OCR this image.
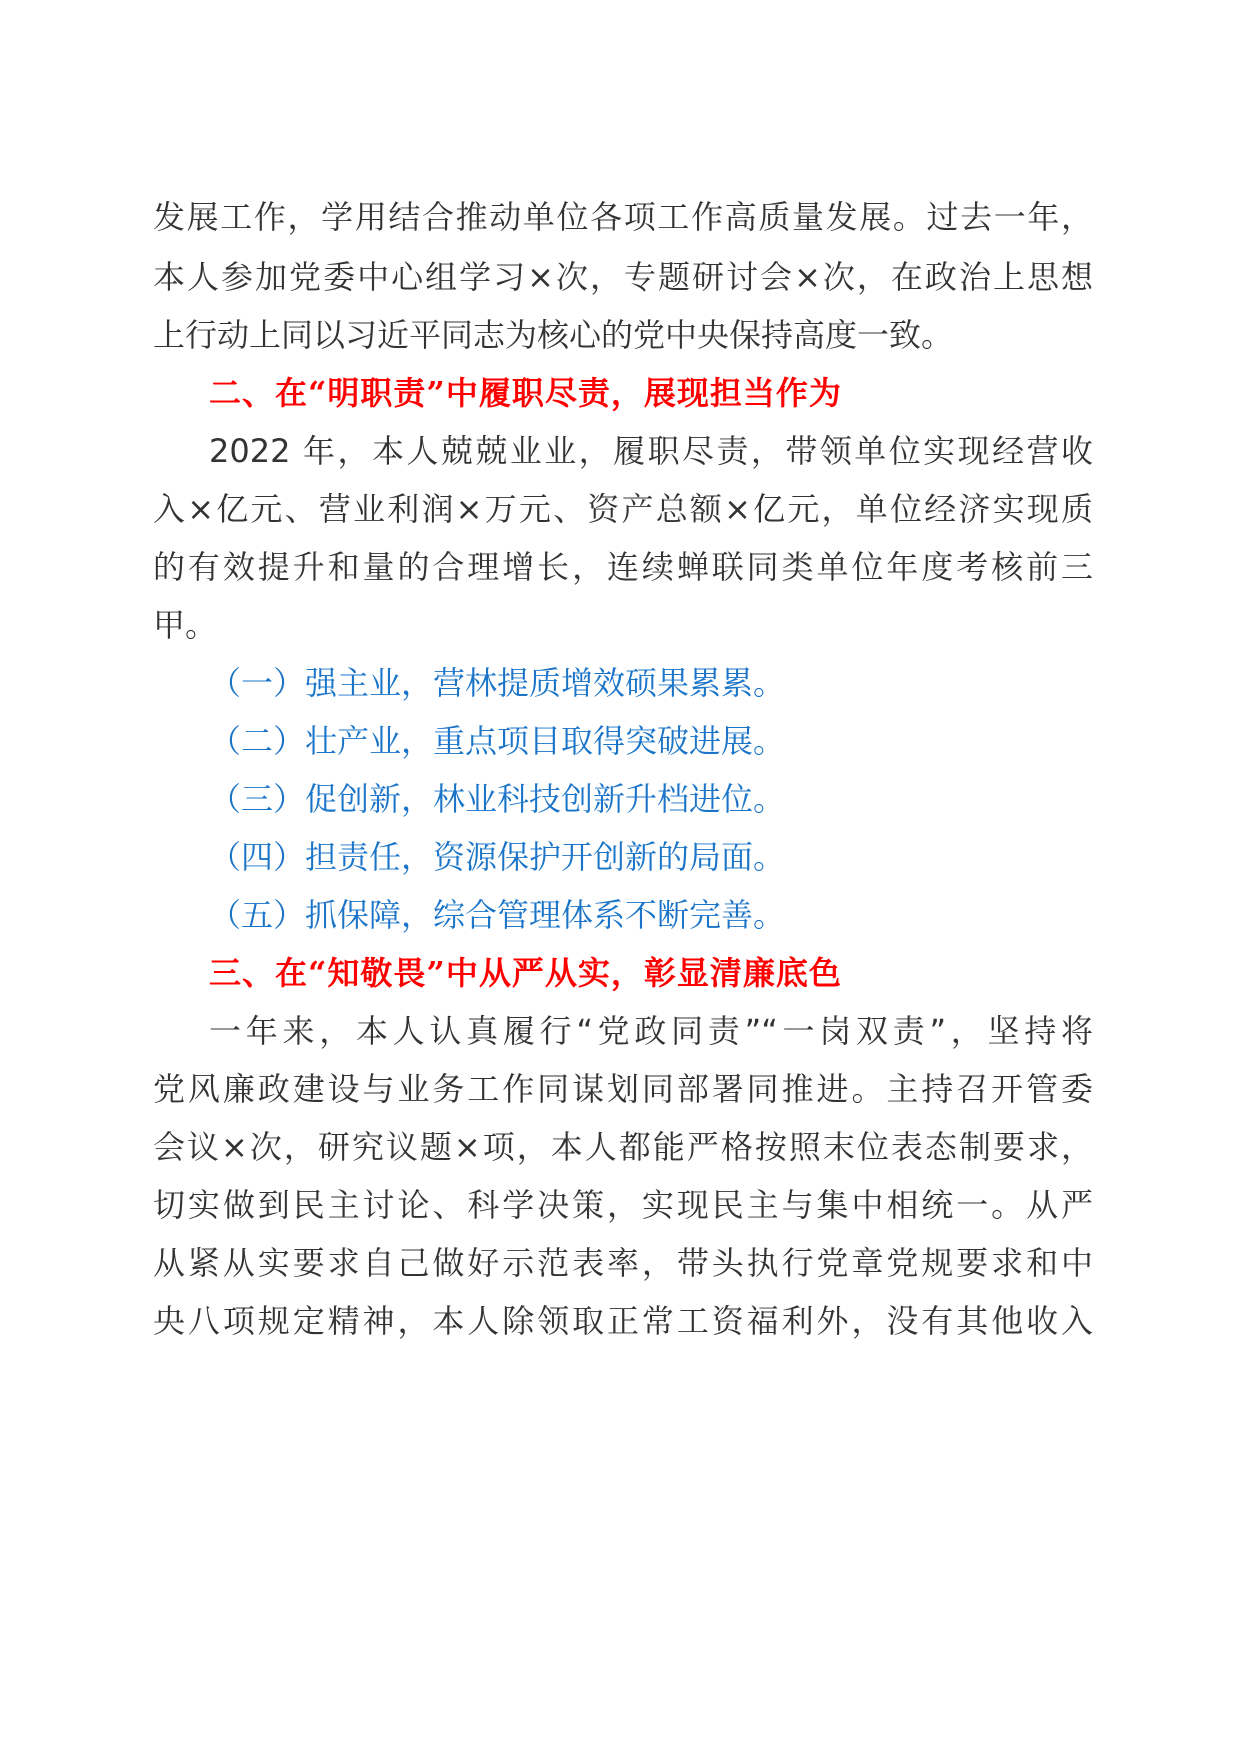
发展工作，学用结合推动单位各项工作高质量发展。过去一年，
本人参加党委中心组学习×次，专题研讨会×次，在政治上思想
上行动上同以习近平同志为核心的党中央保持高度一致。
二、在“明职责”中履职尽责，展现担当作为
2022 年，本人兢兢业业，履职尽责，带领单位实现经营收
入×亿元、营业利润×万元、资产总额×亿元，单位经济实现质
的有效提升和量的合理增长，连续蝉联同类单位年度考核前三
甲。
（一）强主业，营林提质增效硕果累累。
（二）壮产业，重点项目取得突破进展。
（三）促创新，林业科技创新升档进位。
（四）担责任，资源保护开创新的局面。
（五）抓保障，综合管理体系不断完善。
三、在“知敬畏”中从严从实，彰显清廉底色
一年来，本人认真履行“党政同责”“一岗双责”，坚持将
党风廉政建设与业务工作同谋划同部署同推进。主持召开管委
会议×次，研究议题×项，本人都能严格按照末位表态制要求，
切实做到民主讨论、科学决策，实现民主与集中相统一。从严
从紧从实要求自己做好示范表率，带头执行党章党规要求和中
央八项规定精神，本人除领取正常工资福利外，没有其他收入
